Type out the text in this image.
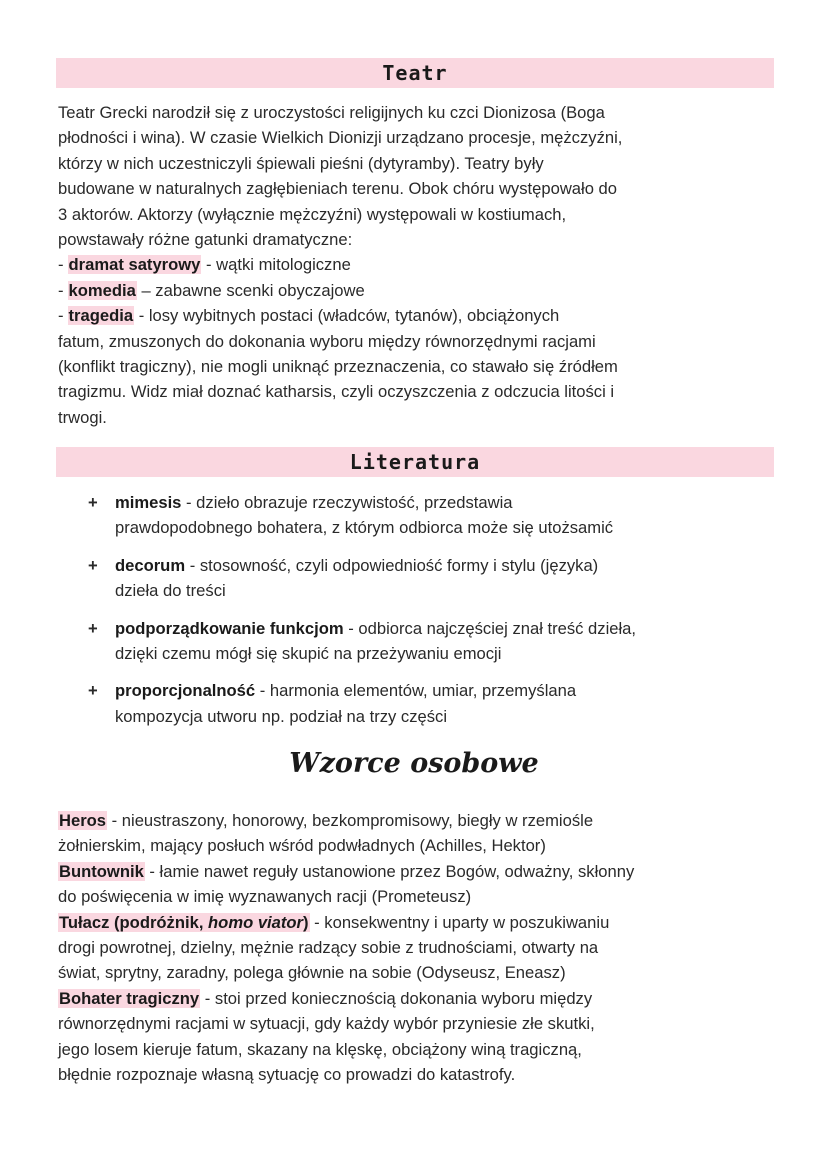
Teatr

Teatr Grecki narodził się z uroczystości religijnych ku czci Dionizosa (Boga

płodności i wina). W czasie Wielkich Dionizji urządzano procesje, mężczyźni,

którzy w nich uczestniczyli śpiewali pieśni (dytyramby). Teatry były

budowane w naturalnych zagłębieniach terenu. Obok chóru występowało do

3 aktorów. Aktorzy (wyłącznie mężczyźni) występowali w kostiumach,

powstawały różne gatunki dramatyczne:

- dramat satyrowy - wątki mitologiczne
- komedia – zabawne scenki obyczajowe
- tragedia - losy wybitnych postaci (władców, tytanów), obciążonych

fatum, zmuszonych do dokonania wyboru między równorzędnymi racjami

(konflikt tragiczny), nie mogli uniknąć przeznaczenia, co stawało się źródłem

tragizmu. Widz miał doznać katharsis, czyli oczyszczenia z odczucia litości i

trwogi.

Literatura
+ mimesis - dzieło obrazuje rzeczywistość, przedstawia
prawdopodobnego bohatera, z którym odbiorca może się utożsamić
+ decorum - stosowność, czyli odpowiedniość formy i stylu (języka)
dzieła do treści
+ podporządkowanie funkcjom - odbiorca najczęściej znał treść dzieła,
dzięki czemu mógł się skupić na przeżywaniu emocji
+ proporcjonalność - harmonia elementów, umiar, przemyślana
kompozycja utworu np. podział na trzy części
Wzorce osobowe

Heros - nieustraszony, honorowy, bezkompromisowy, biegły w rzemiośle

żołnierskim, mający posłuch wśród podwładnych (Achilles, Hektor)

Buntownik - łamie nawet reguły ustanowione przez Bogów, odważny, skłonny

do poświęcenia w imię wyznawanych racji (Prometeusz)

Tułacz (podróżnik, homo viator) - konsekwentny i uparty w poszukiwaniu

drogi powrotnej, dzielny, mężnie radzący sobie z trudnościami, otwarty na

świat, sprytny, zaradny, polega głównie na sobie (Odyseusz, Eneasz)

Bohater tragiczny - stoi przed koniecznością dokonania wyboru między

równorzędnymi racjami w sytuacji, gdy każdy wybór przyniesie złe skutki,

jego losem kieruje fatum, skazany na klęskę, obciążony winą tragiczną,

błędnie rozpoznaje własną sytuację co prowadzi do katastrofy.
